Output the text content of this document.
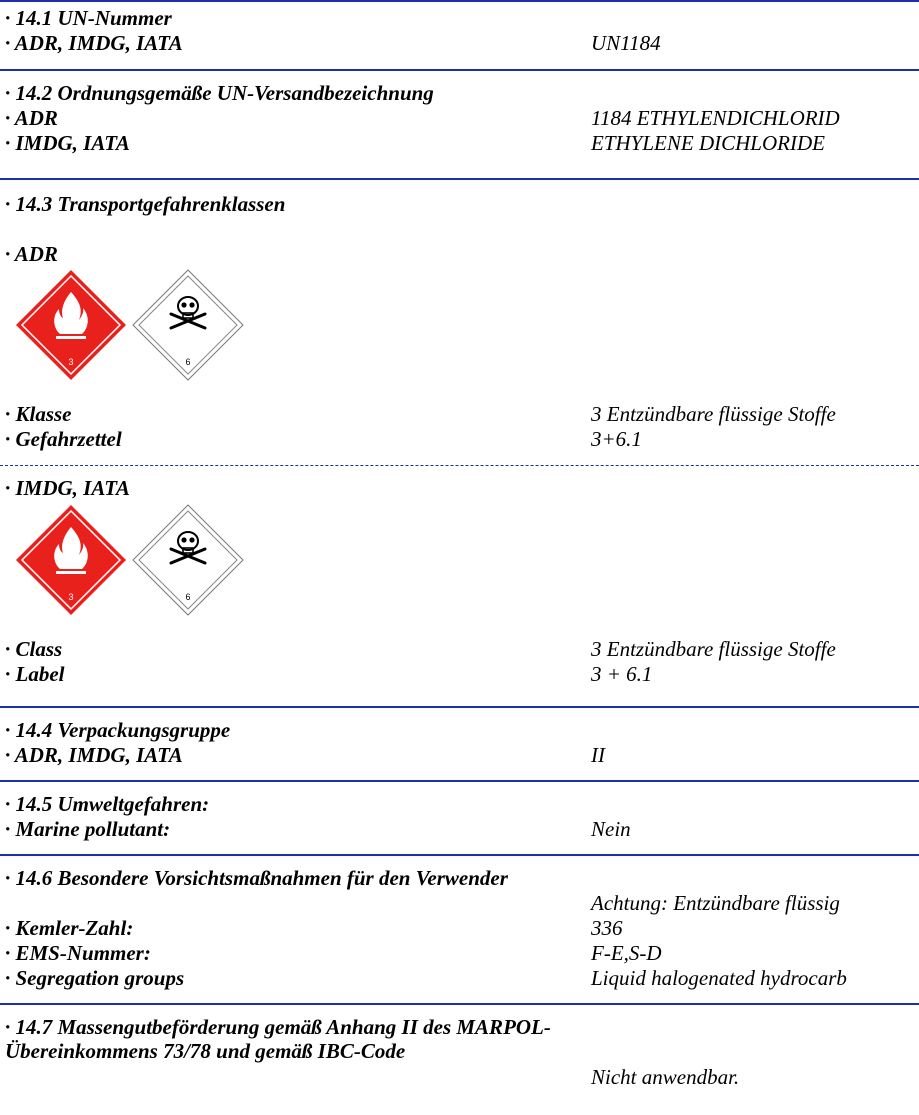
· 14.1 UN-Nummer
· ADR, IMDG, IATA	UN1184
· 14.2 Ordnungsgemäße UN-Versandbezeichnung
· ADR	1184 ETHYLENDICHLORID
· IMDG, IATA	ETHYLENE DICHLORIDE
· 14.3 Transportgefahrenklassen
· ADR
3	6
· Klasse	3 Entzündbare flüssige Stoffe
· Gefahrzettel	3+6.1
· IMDG, IATA
3	6
· Class	3 Entzündbare flüssige Stoffe
· Label	3 + 6.1
· 14.4 Verpackungsgruppe
· ADR, IMDG, IATA	II
· 14.5 Umweltgefahren:
· Marine pollutant:	Nein
· 14.6 Besondere Vorsichtsmaßnahmen für den Verwender
Achtung: Entzündbare flüssig
· Kemler-Zahl:	336
· EMS-Nummer:	F-E,S-D
· Segregation groups	Liquid halogenated hydrocarb
· 14.7 Massengutbeförderung gemäß Anhang II des MARPOL-Übereinkommens 73/78 und gemäß IBC-Code
Nicht anwendbar.
